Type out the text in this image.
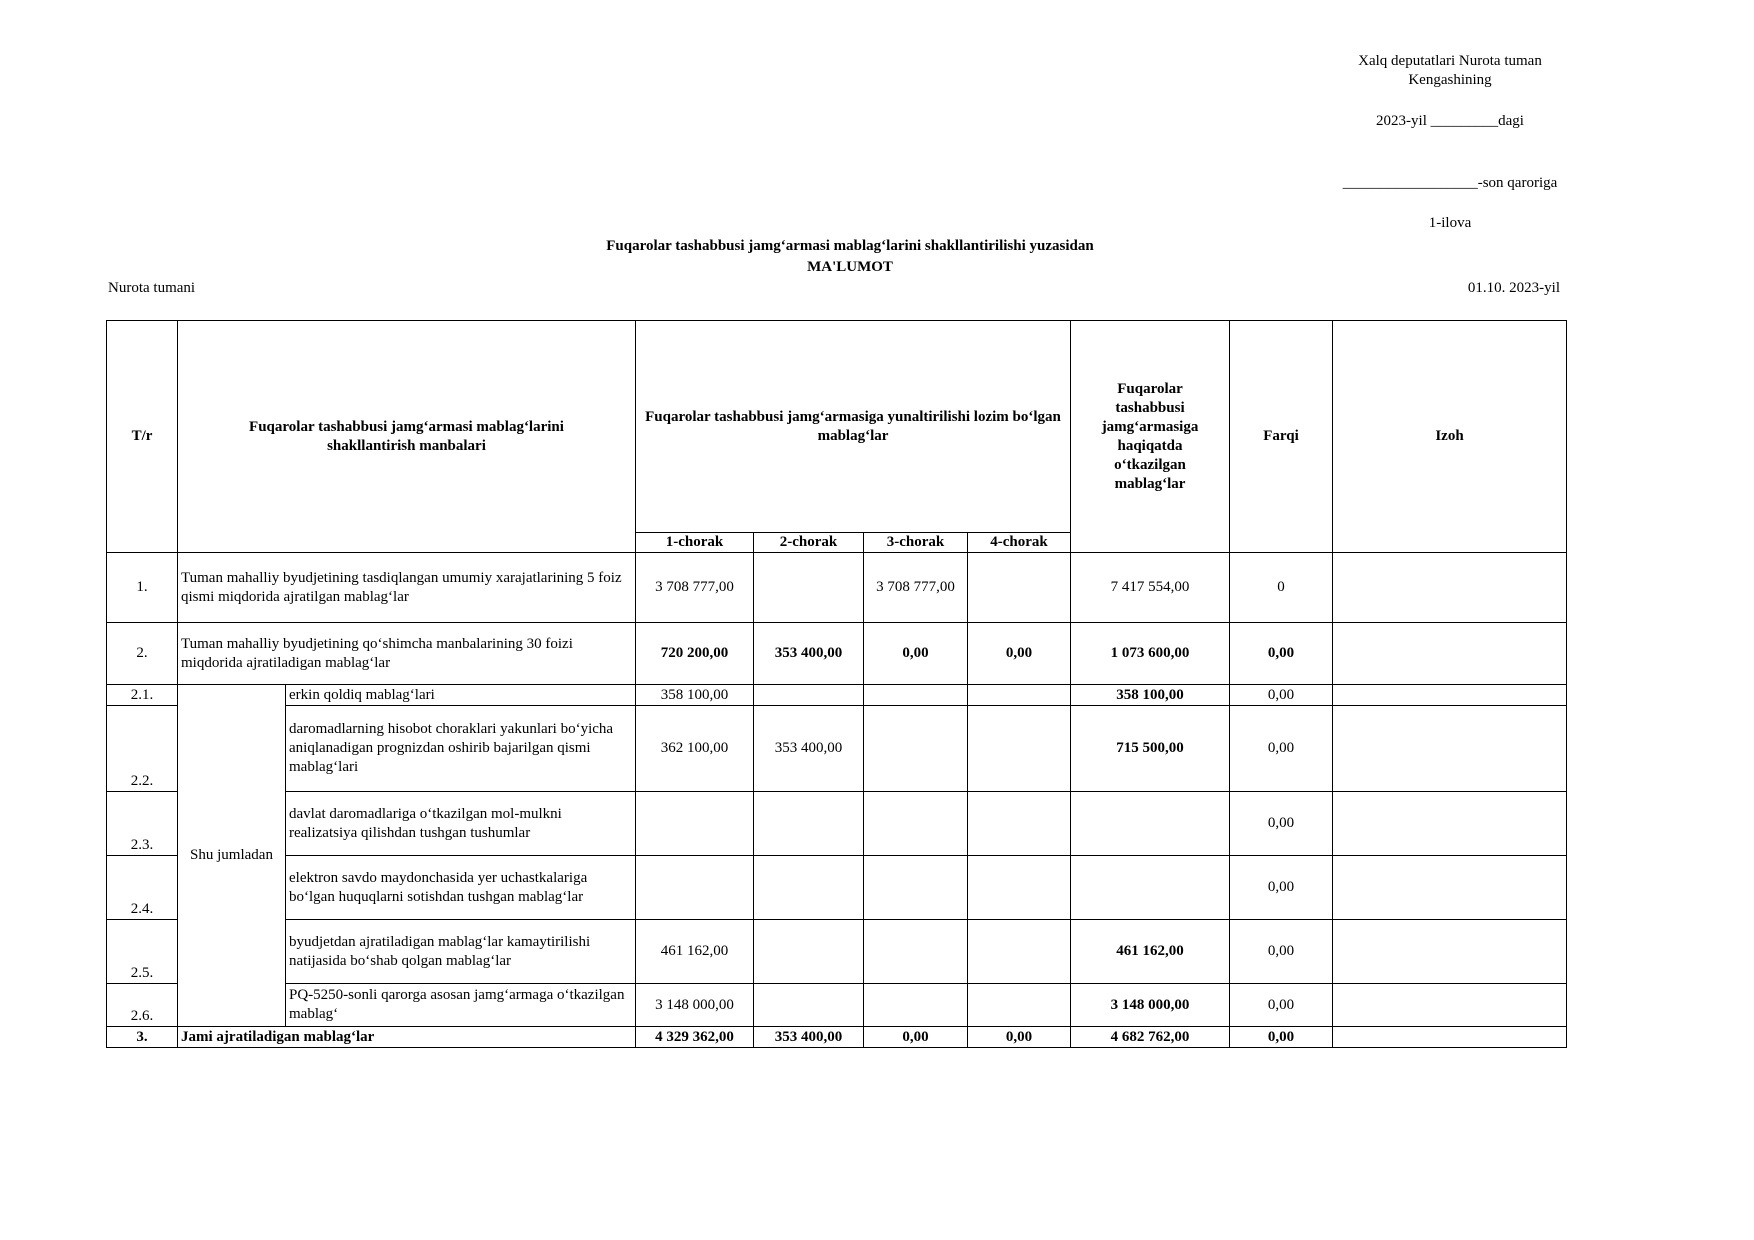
Xalq deputatlari Nurota tuman
Kengashining
2023-yil _________dagi
__________________-son qaroriga
1-ilova
Fuqarolar tashabbusi jamg‘armasi mablag‘larini shakllantirilishi yuzasidan
MA'LUMOT
Nurota tumani	01.10. 2023-yil
T/r	Fuqarolar tashabbusi jamg‘armasi mablag‘larini shakllantirish manbalari		Fuqarolar tashabbusi jamg‘armasiga yunaltirilishi lozim bo‘lgan mablag‘lar				Fuqarolar tashabbusi jamg‘armasiga haqiqatda o‘tkazilgan mablag‘lar	Farqi	Izoh
			1-chorak	2-chorak	3-chorak	4-chorak			
1.	Tuman mahalliy byudjetining tasdiqlangan umumiy xarajatlarining 5 foiz qismi miqdorida ajratilgan mablag‘lar		3 708 777,00		3 708 777,00		7 417 554,00	0	
2.	Tuman mahalliy byudjetining qo‘shimcha manbalarining 30 foizi miqdorida ajratiladigan mablag‘lar		720 200,00	353 400,00	0,00	0,00	1 073 600,00	0,00	
2.1.	Shu jumladan	erkin qoldiq mablag‘lari	358 100,00				358 100,00	0,00	
2.2.		daromadlarning hisobot choraklari yakunlari bo‘yicha aniqlanadigan prognizdan oshirib bajarilgan qismi mablag‘lari	362 100,00	353 400,00			715 500,00	0,00	
2.3.		davlat daromadlariga o‘tkazilgan mol-mulkni realizatsiya qilishdan tushgan tushumlar						0,00	
2.4.		elektron savdo maydonchasida yer uchastkalariga bo‘lgan huquqlarni sotishdan tushgan mablag‘lar						0,00	
2.5.		byudjetdan ajratiladigan mablag‘lar kamaytirilishi natijasida bo‘shab qolgan mablag‘lar	461 162,00				461 162,00	0,00	
2.6.		PQ-5250-sonli qarorga asosan jamg‘armaga o‘tkazilgan mablag‘	3 148 000,00				3 148 000,00	0,00	
3.	Jami ajratiladigan mablag‘lar		4 329 362,00	353 400,00	0,00	0,00	4 682 762,00	0,00	
